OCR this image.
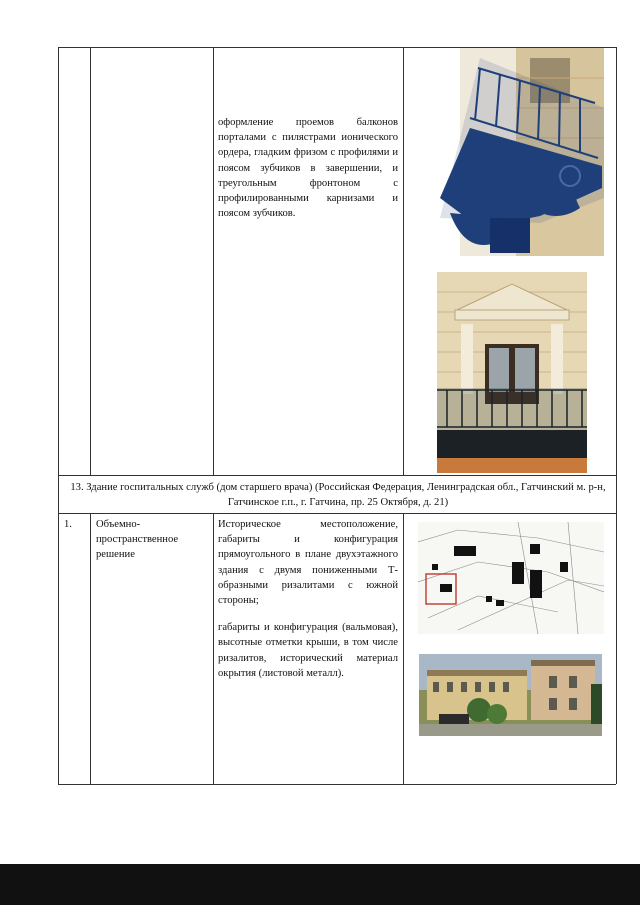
оформление проемов балконов порталами с пилястрами ионического ордера, гладким фризом с профилями и поясом зубчиков в завершении, и треугольным фронтоном с профилированными карнизами и поясом зубчиков.

13. Здание госпитальных служб (дом старшего врача) (Российская Федерация, Ленинградская обл., Гатчинский м. р-н, Гатчинское г.п., г. Гатчина, пр. 25 Октября, д. 21)
1. Объемно-пространственное решение

Историческое местоположение, габариты и конфигурация прямоугольного в плане двухэтажного здания с двумя пониженными Т-образными ризалитами с южной стороны;

габариты и конфигурация (вальмовая), высотные отметки крыши, в том числе ризалитов, исторический материал окрытия (листовой металл).
